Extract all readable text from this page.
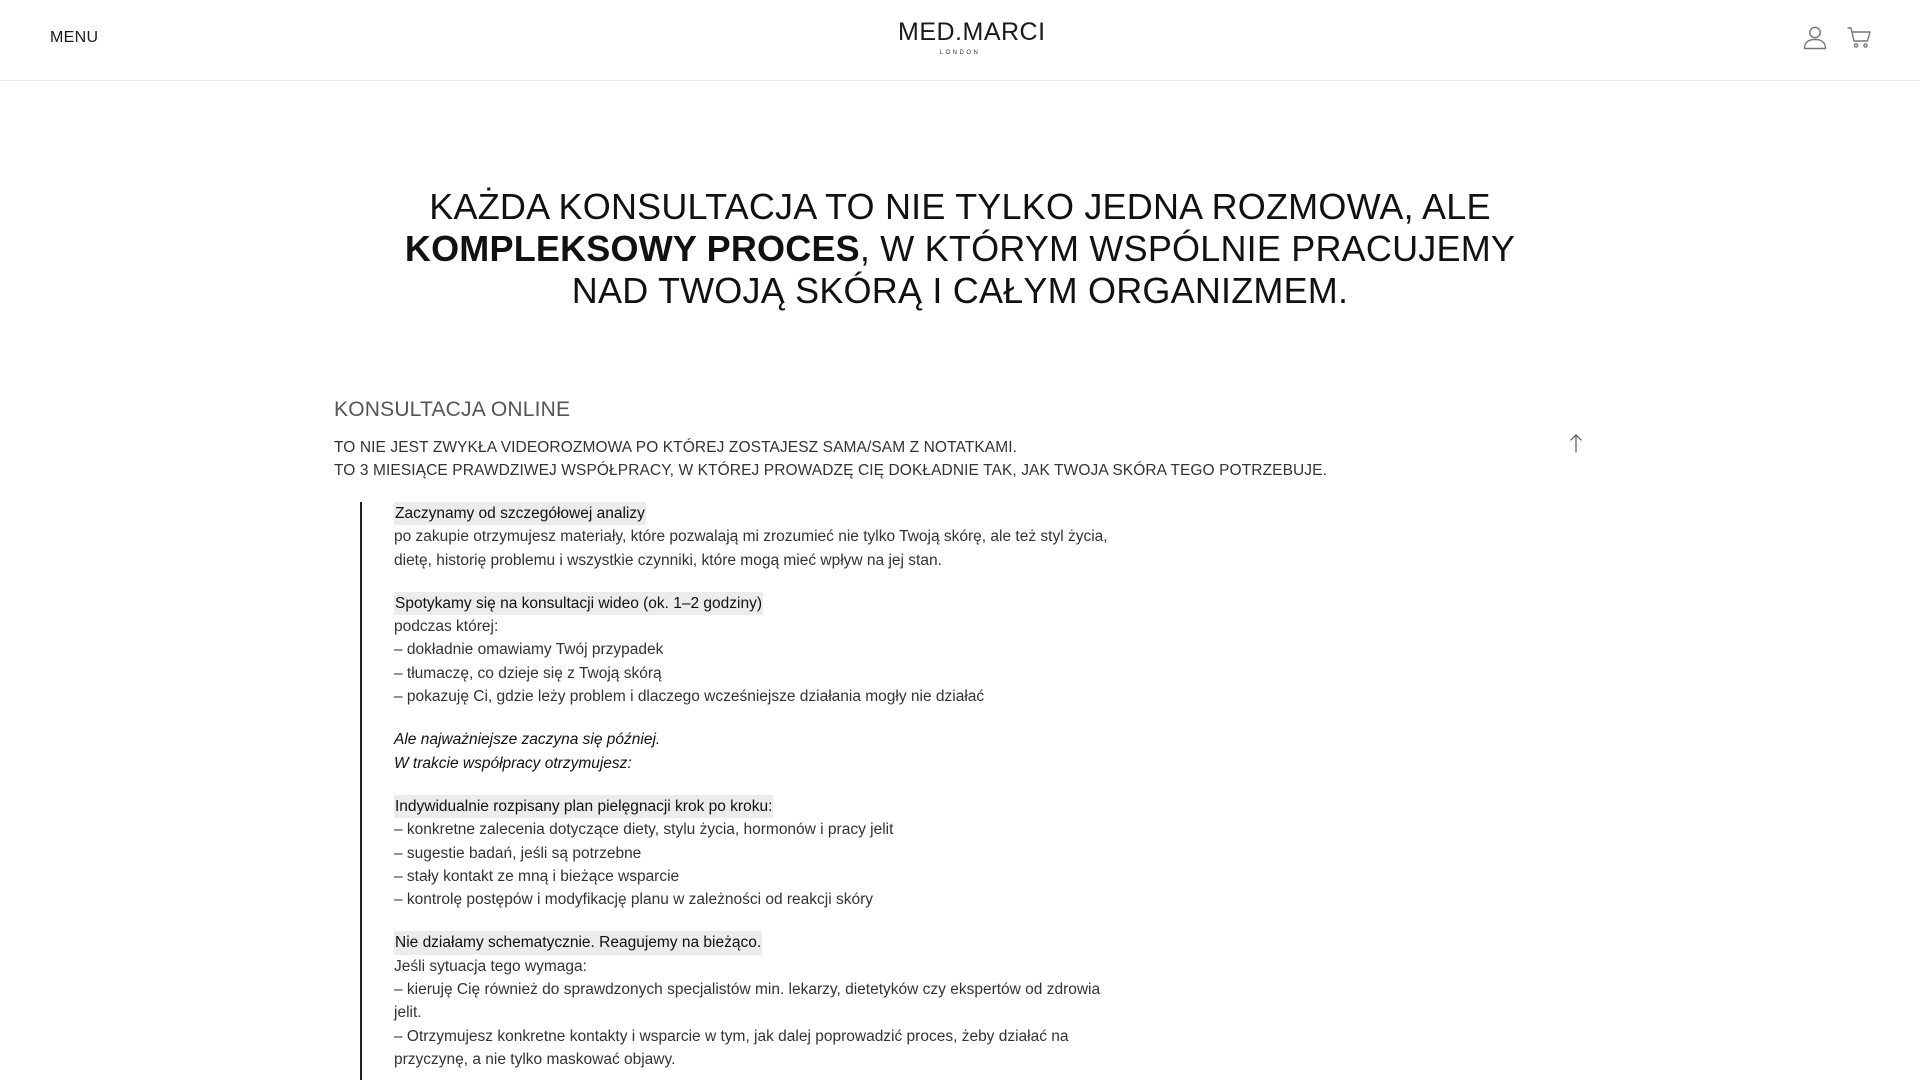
MENU	MED.MARCI
LONDON
KAŻDA KONSULTACJA TO NIE TYLKO JEDNA ROZMOWA, ALE
KOMPLEKSOWY PROCES, W KTÓRYM WSPÓLNIE PRACUJEMY
NAD TWOJĄ SKÓRĄ I CAŁYM ORGANIZMEM.
KONSULTACJA ONLINE
TO NIE JEST ZWYKŁA VIDEOROZMOWA PO KTÓREJ ZOSTAJESZ SAMA/SAM Z NOTATKAMI.
TO 3 MIESIĄCE PRAWDZIWEJ WSPÓŁPRACY, W KTÓREJ PROWADZĘ CIĘ DOKŁADNIE TAK, JAK TWOJA SKÓRA TEGO POTRZEBUJE.
Zaczynamy od szczegółowej analizy
po zakupie otrzymujesz materiały, które pozwalają mi zrozumieć nie tylko Twoją skórę, ale też styl życia,
dietę, historię problemu i wszystkie czynniki, które mogą mieć wpływ na jej stan.
Spotykamy się na konsultacji wideo (ok. 1–2 godziny)
podczas której:
– dokładnie omawiamy Twój przypadek
– tłumaczę, co dzieje się z Twoją skórą
– pokazuję Ci, gdzie leży problem i dlaczego wcześniejsze działania mogły nie działać
Ale najważniejsze zaczyna się później.
W trakcie współpracy otrzymujesz:
Indywidualnie rozpisany plan pielęgnacji krok po kroku:
– konkretne zalecenia dotyczące diety, stylu życia, hormonów i pracy jelit
– sugestie badań, jeśli są potrzebne
– stały kontakt ze mną i bieżące wsparcie
– kontrolę postępów i modyfikację planu w zależności od reakcji skóry
Nie działamy schematycznie. Reagujemy na bieżąco.
Jeśli sytuacja tego wymaga:
– kieruję Cię również do sprawdzonych specjalistów min. lekarzy, dietetyków czy ekspertów od zdrowia
jelit.
– Otrzymujesz konkretne kontakty i wsparcie w tym, jak dalej poprowadzić proces, żeby działać na
przyczynę, a nie tylko maskować objawy.
